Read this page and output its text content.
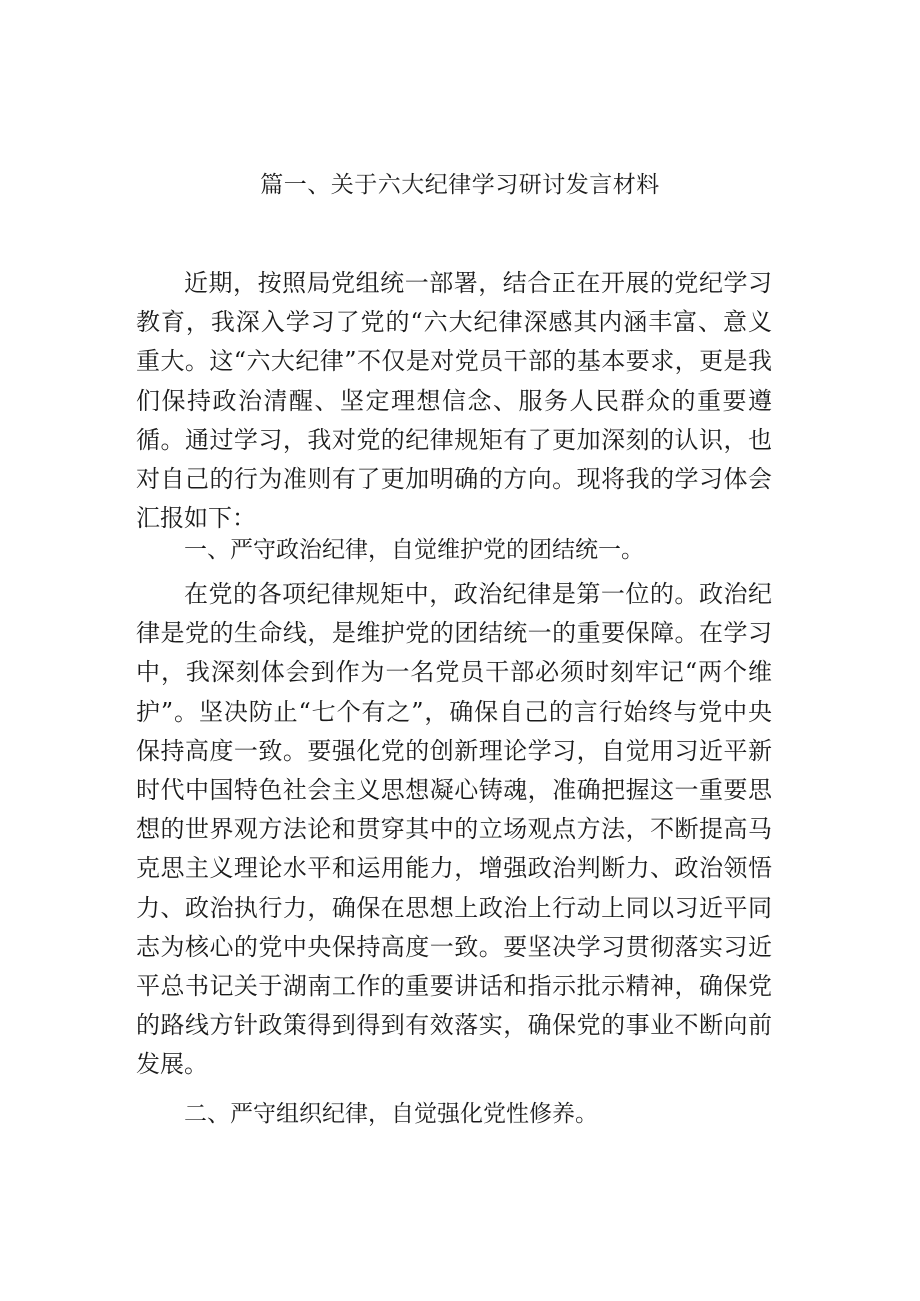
篇一、关于六大纪律学习研讨发言材料

近期，按照局党组统一部署，结合正在开展的党纪学习教育，我深入学习了党的“六大纪律深感其内涵丰富、意义重大。这“六大纪律”不仅是对党员干部的基本要求，更是我们保持政治清醒、坚定理想信念、服务人民群众的重要遵循。通过学习，我对党的纪律规矩有了更加深刻的认识，也对自己的行为准则有了更加明确的方向。现将我的学习体会汇报如下：

一、严守政治纪律，自觉维护党的团结统一。

在党的各项纪律规矩中，政治纪律是第一位的。政治纪律是党的生命线，是维护党的团结统一的重要保障。在学习中，我深刻体会到作为一名党员干部必须时刻牢记“两个维护”。坚决防止“七个有之”，确保自己的言行始终与党中央保持高度一致。要强化党的创新理论学习，自觉用习近平新时代中国特色社会主义思想凝心铸魂，准确把握这一重要思想的世界观方法论和贯穿其中的立场观点方法，不断提高马克思主义理论水平和运用能力，增强政治判断力、政治领悟力、政治执行力，确保在思想上政治上行动上同以习近平同志为核心的党中央保持高度一致。要坚决学习贯彻落实习近平总书记关于湖南工作的重要讲话和指示批示精神，确保党的路线方针政策得到得到有效落实，确保党的事业不断向前发展。

二、严守组织纪律，自觉强化党性修养。
